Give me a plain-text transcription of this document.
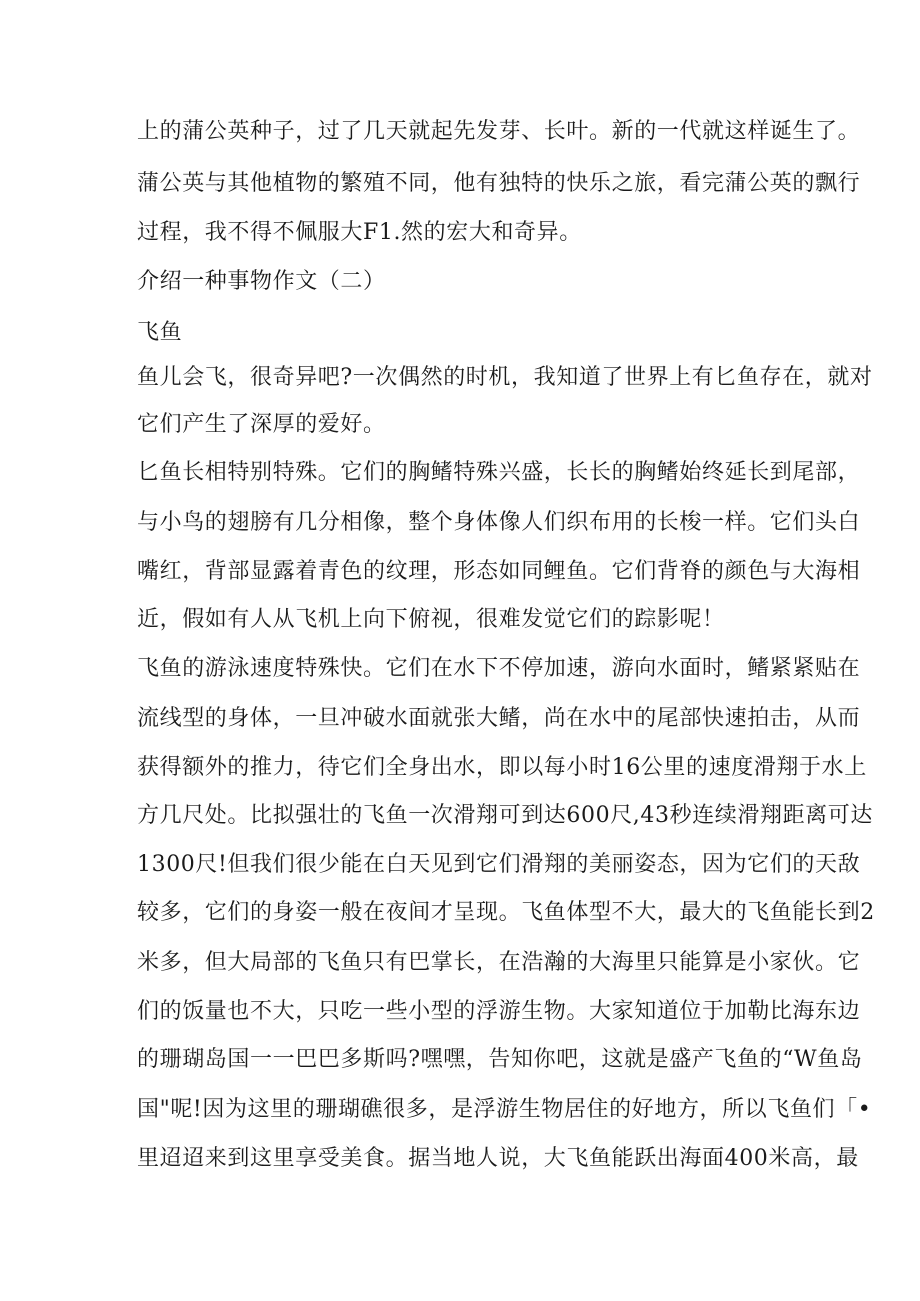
上的蒲公英种子，过了几天就起先发芽、长叶。新的一代就这样诞生了。
蒲公英与其他植物的繁殖不同，他有独特的快乐之旅，看完蒲公英的飘行
过程，我不得不佩服大F1.然的宏大和奇异。
介绍一种事物作文（二）
飞鱼
鱼儿会飞，很奇异吧?一次偶然的时机，我知道了世界上有匕鱼存在，就对
它们产生了深厚的爱好。
匕鱼长相特别特殊。它们的胸鳍特殊兴盛，长长的胸鳍始终延长到尾部，
与小鸟的翅膀有几分相像，整个身体像人们织布用的长梭一样。它们头白
嘴红，背部显露着青色的纹理，形态如同鲤鱼。它们背脊的颜色与大海相
近，假如有人从飞机上向下俯视，很难发觉它们的踪影呢！
飞鱼的游泳速度特殊快。它们在水下不停加速，游向水面时，鳍紧紧贴在
流线型的身体，一旦冲破水面就张大鳍，尚在水中的尾部快速拍击，从而
获得额外的推力，待它们全身出水，即以每小时16公里的速度滑翔于水上
方几尺处。比拟强壮的飞鱼一次滑翔可到达600尺,43秒连续滑翔距离可达
1300尺!但我们很少能在白天见到它们滑翔的美丽姿态，因为它们的天敌
较多，它们的身姿一般在夜间才呈现。飞鱼体型不大，最大的飞鱼能长到2
米多，但大局部的飞鱼只有巴掌长，在浩瀚的大海里只能算是小家伙。它
们的饭量也不大，只吃一些小型的浮游生物。大家知道位于加勒比海东边
的珊瑚岛国一一巴巴多斯吗?嘿嘿，告知你吧，这就是盛产飞鱼的“W鱼岛
国"呢!因为这里的珊瑚礁很多，是浮游生物居住的好地方，所以飞鱼们「•
里迢迢来到这里享受美食。据当地人说，大飞鱼能跃出海面400米高，最
